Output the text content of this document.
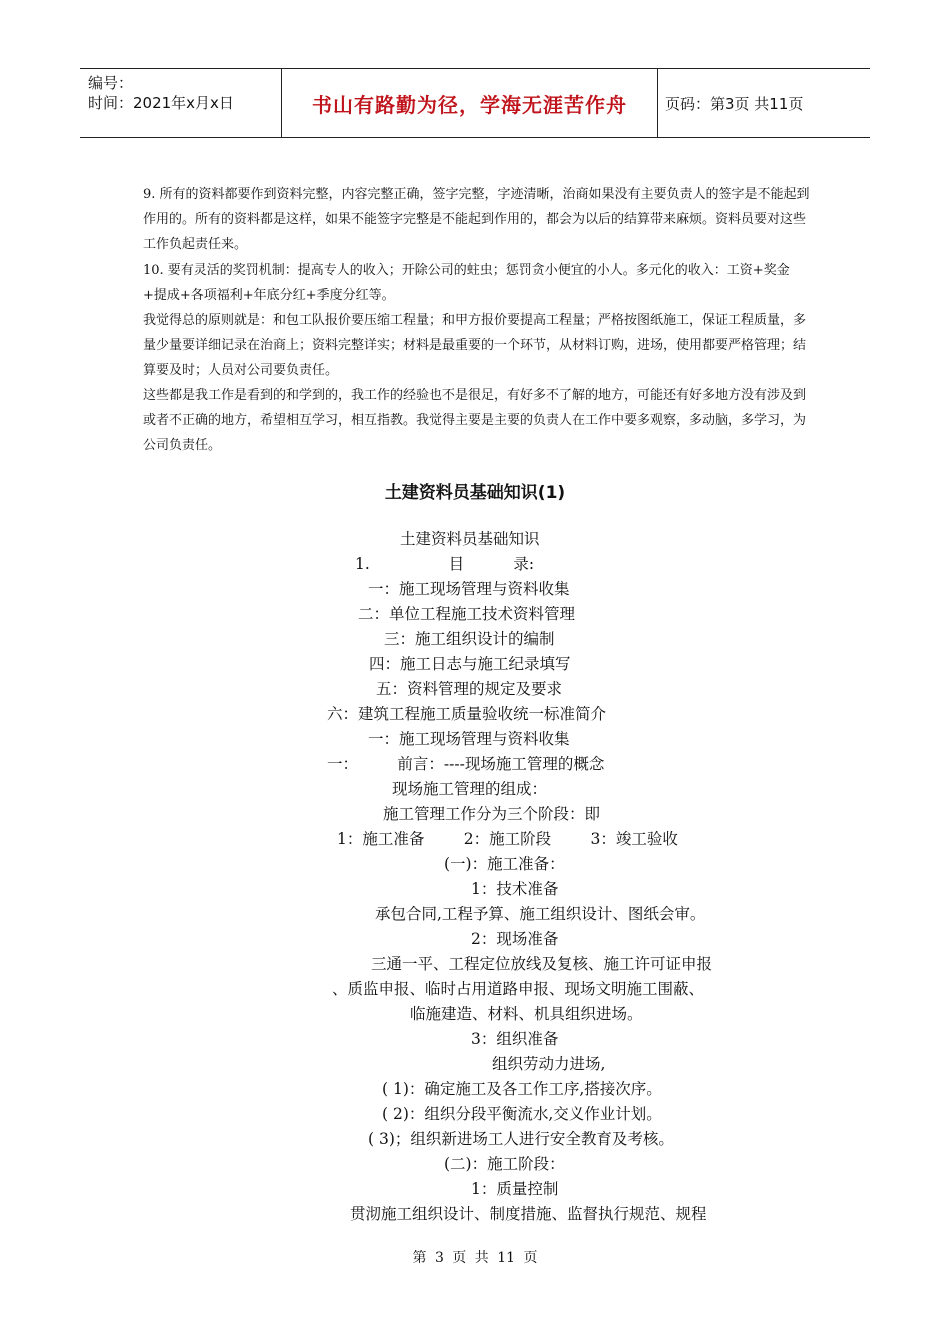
编号：
时间：2021年x月x日	书山有路勤为径，学海无涯苦作舟	页码：第3页 共11页

9. 所有的资料都要作到资料完整，内容完整正确，签字完整，字迹清晰，治商如果没有主要负责人的签字是不能起到作用的。所有的资料都是这样，如果不能签字完整是不能起到作用的，都会为以后的结算带来麻烦。资料员要对这些工作负起责任来。

10. 要有灵活的奖罚机制：提高专人的收入；开除公司的蛀虫；惩罚贪小便宜的小人。多元化的收入：工资+奖金+提成+各项福利+年底分红+季度分红等。

我觉得总的原则就是：和包工队报价要压缩工程量；和甲方报价要提高工程量；严格按图纸施工，保证工程质量，多量少量要详细记录在治商上；资料完整详实；材料是最重要的一个环节，从材料订购，进场，使用都要严格管理；结算要及时；人员对公司要负责任。

这些都是我工作是看到的和学到的，我工作的经验也不是很足，有好多不了解的地方，可能还有好多地方没有涉及到或者不正确的地方，希望相互学习，相互指教。我觉得主要是主要的负责人在工作中要多观察，多动脑，多学习，为公司负责任。

土建资料员基础知识(1)
土建资料员基础知识
1.                目          录:
一：施工现场管理与资料收集
二：单位工程施工技术资料管理
三：施工组织设计的编制
四：施工日志与施工纪录填写
五：资料管理的规定及要求
六：建筑工程施工质量验收统一标准简介
一：施工现场管理与资料收集
一：        前言：----现场施工管理的概念
现场施工管理的组成：
施工管理工作分为三个阶段：即
1：施工准备        2：施工阶段        3：竣工验收
(一)：施工准备：
1：技术准备
承包合同,工程予算、施工组织设计、图纸会审。
2：现场准备
三通一平、工程定位放线及复核、施工许可证申报
、质监申报、临时占用道路申报、现场文明施工围蔽、
临施建造、材料、机具组织进场。
3：组织准备
组织劳动力进场,
( 1)：确定施工及各工作工序,搭接次序。
( 2)：组织分段平衡流水,交义作业计划。
( 3)；组织新进场工人进行安全教育及考核。
(二)：施工阶段：
1：质量控制
贯沏施工组织设计、制度措施、监督执行规范、规程
第 3 页 共 11 页
